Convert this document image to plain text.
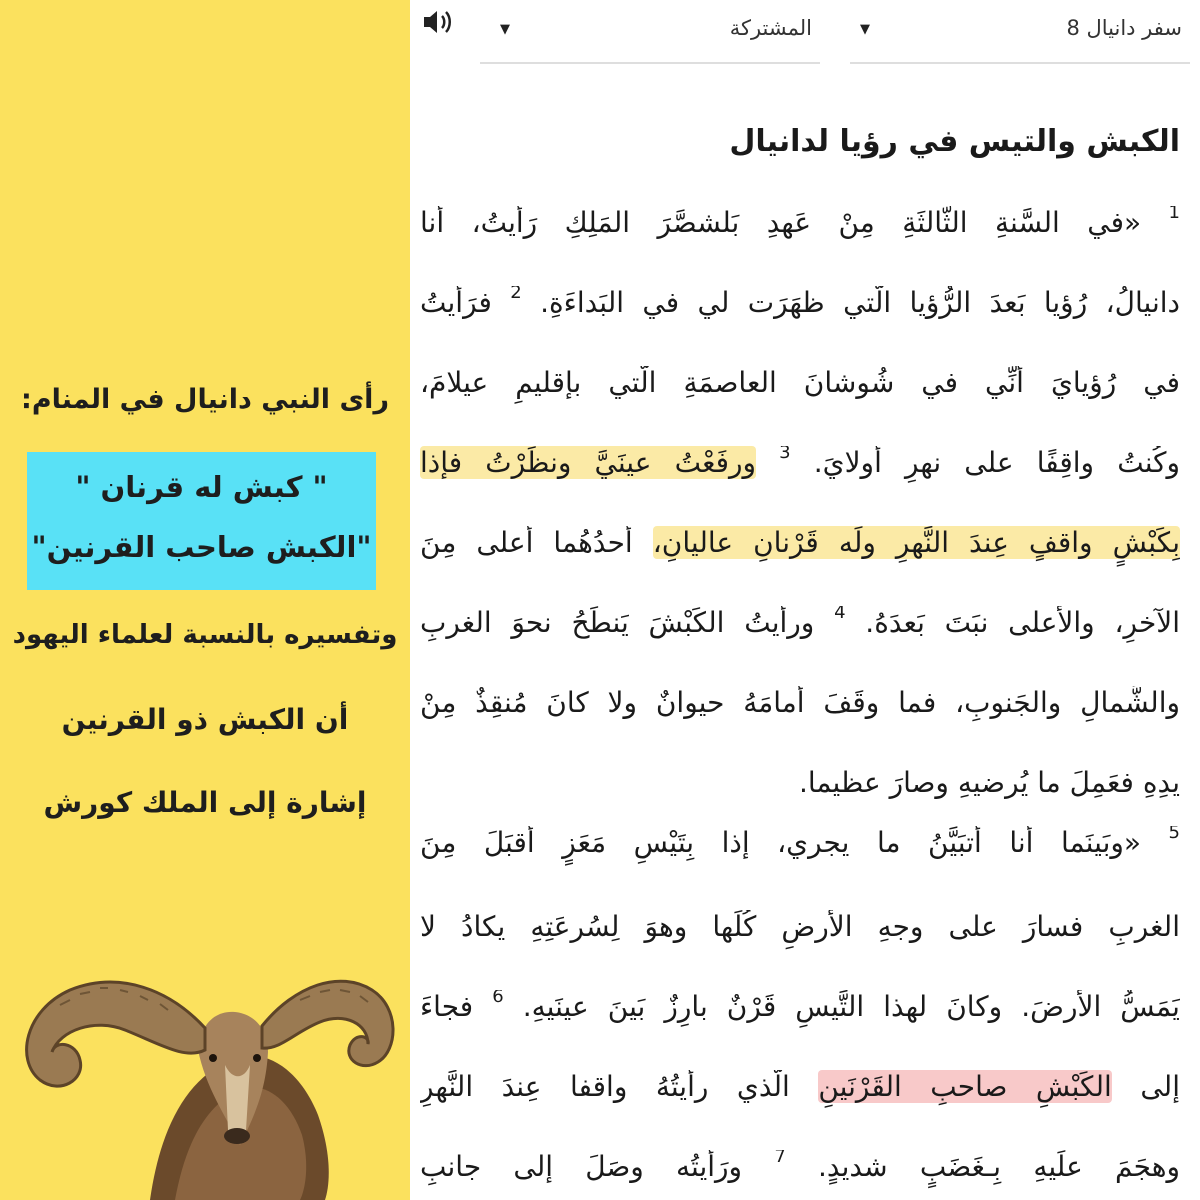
رأى النبي دانيال في المنام:
" كبش له قرنان "
"الكبش صاحب القرنين"
وتفسيره بالنسبة لعلماء اليهود
أن الكبش ذو القرنين
إشارة إلى الملك كورش
سفر دانيال 8
▼
المشتركة
▼
الكبش والتيس في رؤيا لدانيال
$^1$ «في السَّنةِ الثَّالثَةِ مِنْ عَهدِ بَلشصَّرَ المَلِكِ رَأيتُ، أنا
دانيالُ، رُؤيا بَعدَ الرُّؤيا الّتي ظهَرَت لي في البَداءَةِ. $^2$ فرَأيتُ
في رُؤيايَ أنِّي في شُوشانَ العاصمَةِ الّتي بإقليمِ عيلامَ،
وكُنتُ واقِفًا على نهرِ أُولايَ. $^3$ ورفَعْتُ عينَيَّ ونظَرْتُ فإذا
بِكَبْشٍ واقفٍ عِندَ النَّهرِ ولَه قَرْنانِ عاليانِ، أحدُهُما أعلى مِنَ
الآخرِ، والأعلى نبَتَ بَعدَهُ. $^4$ ورأيتُ الكَبْشَ يَنطَحُ نحوَ الغربِ
والشَّمالِ والجَنوبِ، فما وقَفَ أمامَهُ حيوانٌ ولا كانَ مُنقِذٌ مِنْ
يدِهِ فعَمِلَ ما يُرضيهِ وصارَ عظيما.
$^5$ «وبَينَما أنا أتبَيَّنُ ما يجري، إذا بِتَيْسِ مَعَزٍ أقبَلَ مِنَ
الغربِ فسارَ على وجهِ الأرضِ كُلِّها وهوَ لِسُرعَتِهِ يكادُ لا
يَمَسُّ الأرضَ. وكانَ لهذا التَّيسِ قَرْنٌ بارِزٌ بَينَ عينَيهِ. $^6$ فجاءَ
إلى الكَبْشِ صاحبِ القَرْنَينِ الّذي رأيتُهُ واقفا عِندَ النَّهرِ
وهجَمَ علَيهِ بِـغَضَبٍ شديدٍ. $^7$ ورَأيتُه وصَلَ إلى جانبِ
